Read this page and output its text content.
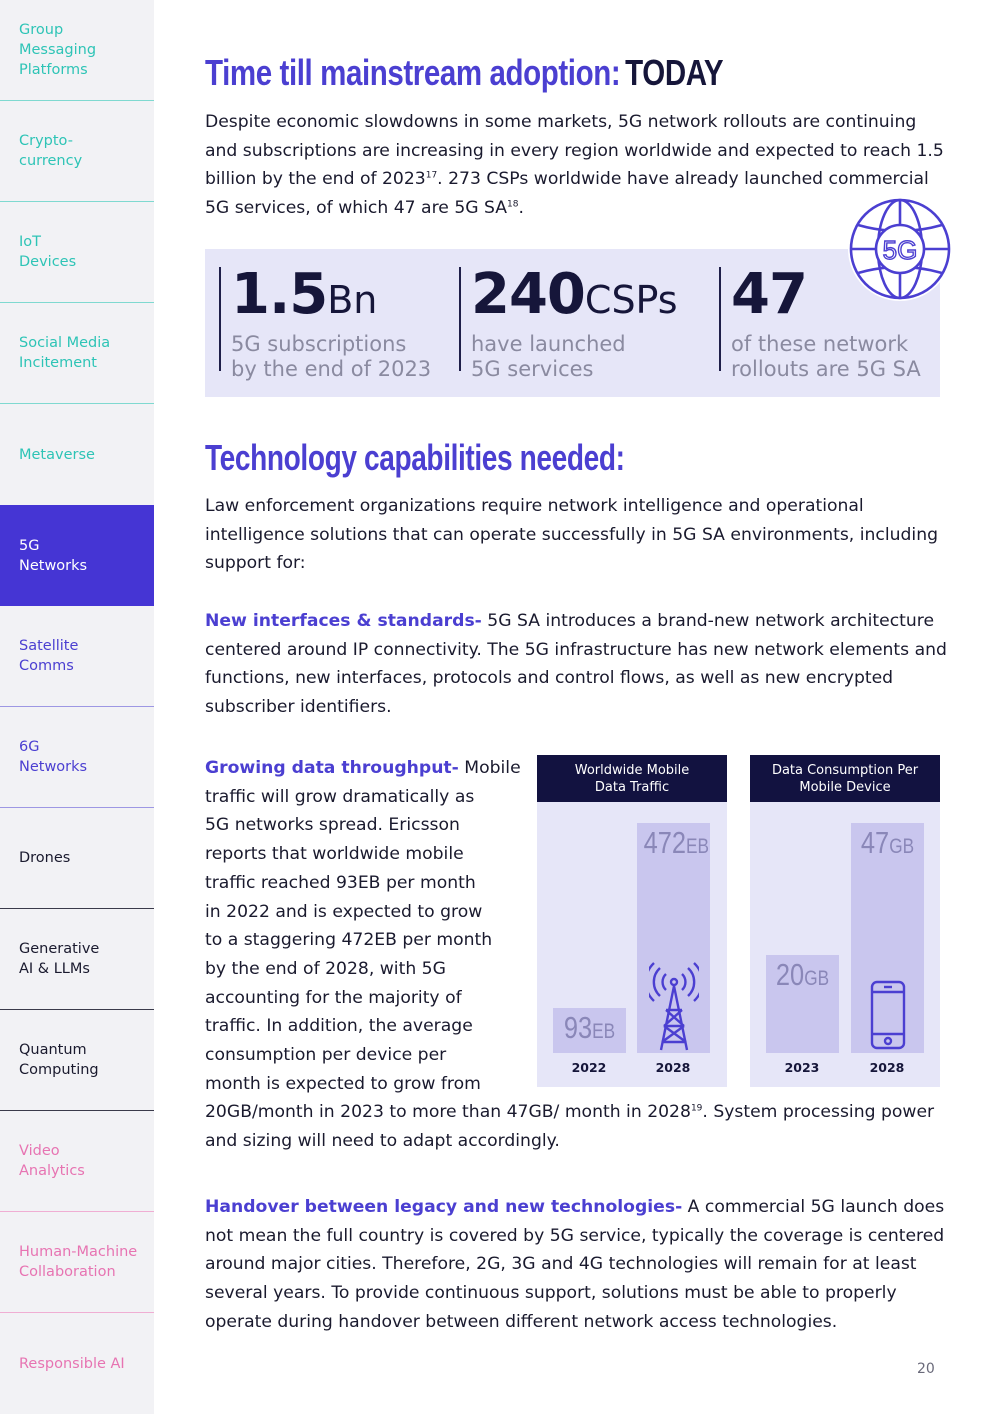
Group
Messaging
Platforms
Crypto-
currency
IoT
Devices
Social Media
Incitement
Metaverse
5G
Networks
Satellite
Comms
6G
Networks
Drones
Generative
AI & LLMs
Quantum
Computing
Video
Analytics
Human-Machine
Collaboration
Responsible AI
Time till mainstream adoption: TODAY

Despite economic slowdowns in some markets, 5G network rollouts are continuing and subscriptions are increasing in every region worldwide and expected to reach 1.5 billion by the end of 2023$^{17}$. 273 CSPs worldwide have already launched commercial 5G services, of which 47 are 5G SA$^{18}$.

1.5Bn
5G subscriptions
by the end of 2023
240CSPs
have launched
5G services
47
of these network
rollouts are 5G SA
5G
Technology capabilities needed:

Law enforcement organizations require network intelligence and operational intelligence solutions that can operate successfully in 5G SA environments, including support for:

New interfaces & standards- 5G SA introduces a brand-new network architecture centered around IP connectivity. The 5G infrastructure has new network elements and functions, new interfaces, protocols and control flows, as well as new encrypted subscriber identifiers.

Growing data throughput- Mobile
traffic will grow dramatically as
5G networks spread. Ericsson
reports that worldwide mobile
traffic reached 93EB per month
in 2022 and is expected to grow
to a staggering 472EB per month
by the end of 2028, with 5G
accounting for the majority of
traffic. In addition, the average
consumption per device per
month is expected to grow from

20GB/month in 2023 to more than 47GB/ month in 2028$^{19}$. System processing power and sizing will need to adapt accordingly.

Handover between legacy and new technologies- A commercial 5G launch does not mean the full country is covered by 5G service, typically the coverage is centered around major cities. Therefore, 2G, 3G and 4G technologies will remain for at least several years. To provide continuous support, solutions must be able to properly operate during handover between different network access technologies.

Worldwide Mobile
Data Traffic
93EB
2022
472EB
2028
Data Consumption Per
Mobile Device
20GB
2023
47GB
2028
20
